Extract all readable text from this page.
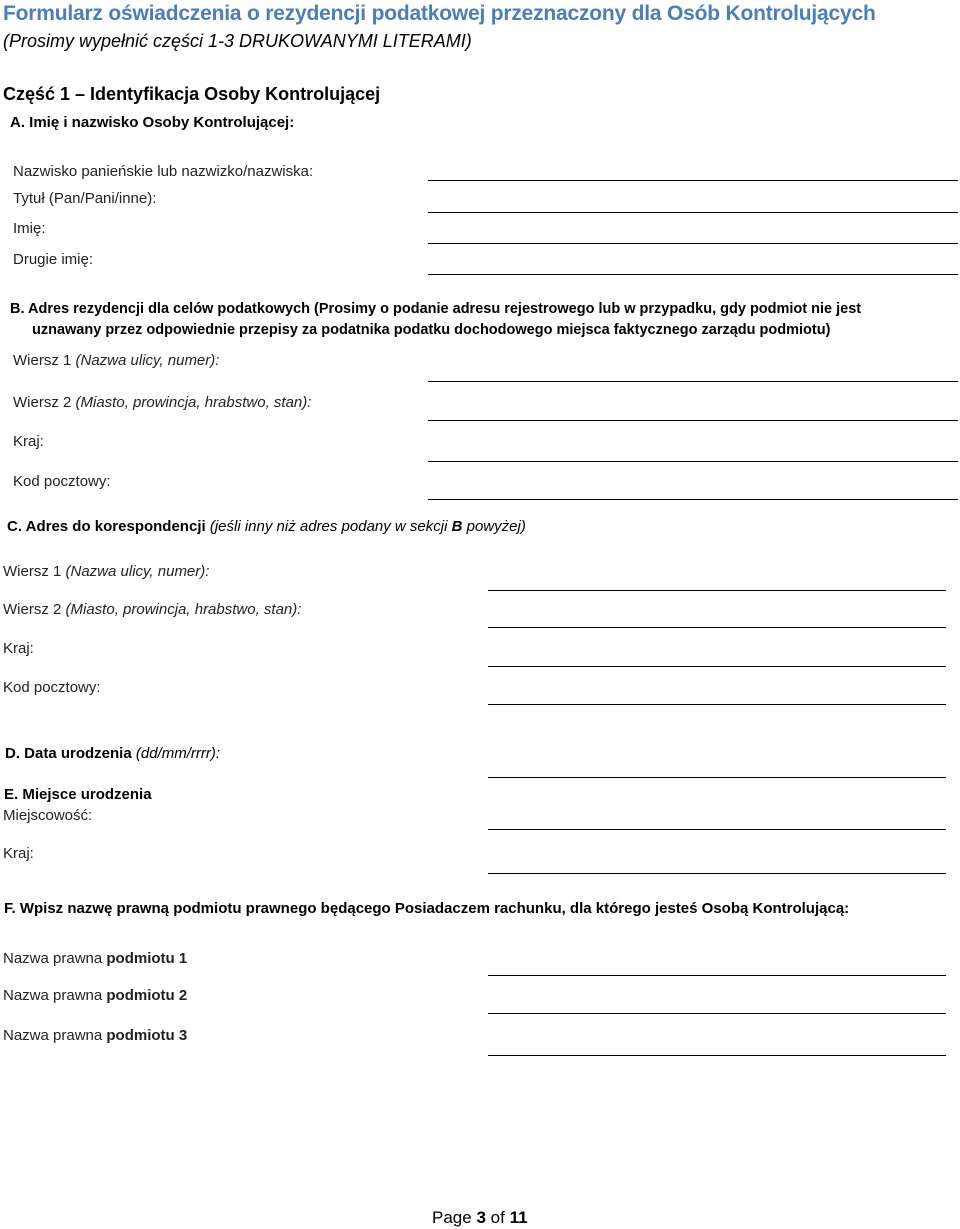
Formularz oświadczenia o rezydencji podatkowej przeznaczony dla Osób Kontrolujących
(Prosimy wypełnić części 1-3 DRUKOWANYMI LITERAMI)
Część 1 – Identyfikacja Osoby Kontrolującej
A. Imię i nazwisko Osoby Kontrolującej:
Nazwisko panieńskie lub nazwizko/nazwiska:
Tytuł (Pan/Pani/inne):
Imię:
Drugie imię:
B. Adres rezydencji dla celów podatkowych (Prosimy o podanie adresu rejestrowego lub w przypadku, gdy podmiot nie jest
uznawany przez odpowiednie przepisy za podatnika podatku dochodowego miejsca faktycznego zarządu podmiotu)
Wiersz 1 (Nazwa ulicy, numer):
Wiersz 2 (Miasto, prowincja, hrabstwo, stan):
Kraj:
Kod pocztowy:
C. Adres do korespondencji (jeśli inny niż adres podany w sekcji B powyżej)
Wiersz 1 (Nazwa ulicy, numer):
Wiersz 2 (Miasto, prowincja, hrabstwo, stan):
Kraj:
Kod pocztowy:
D. Data urodzenia (dd/mm/rrrr):
E. Miejsce urodzenia
Miejscowość:
Kraj:
F. Wpisz nazwę prawną podmiotu prawnego będącego Posiadaczem rachunku, dla którego jesteś Osobą Kontrolującą:
Nazwa prawna podmiotu 1
Nazwa prawna podmiotu 2
Nazwa prawna podmiotu 3
Page 3 of 11
